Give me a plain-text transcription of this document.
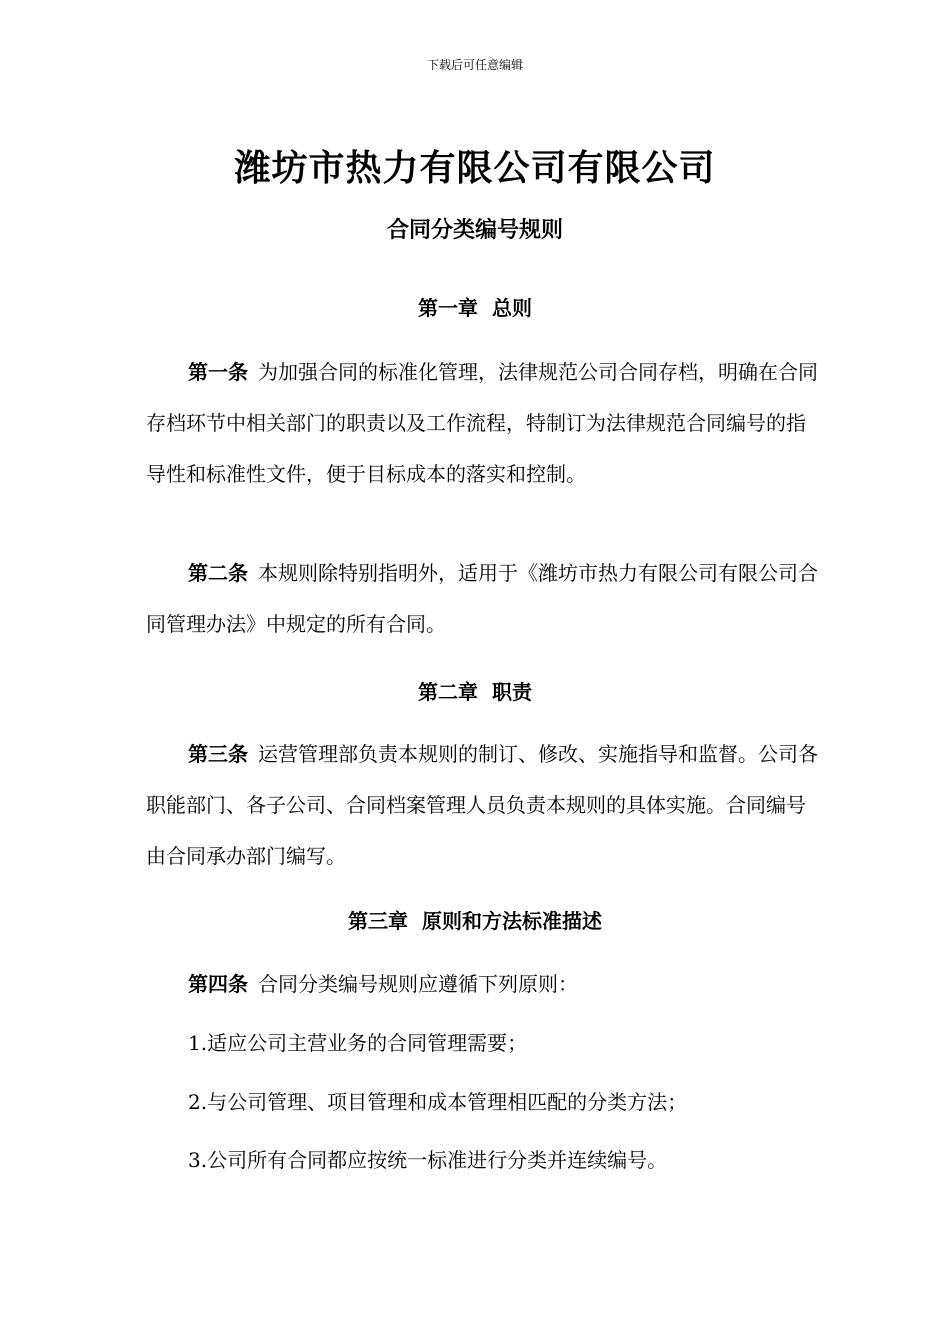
下载后可任意编辑
潍坊市热力有限公司有限公司
合同分类编号规则
第一章  总则
第一条 为加强合同的标准化管理，法律规范公司合同存档，明确在合同存档环节中相关部门的职责以及工作流程，特制订为法律规范合同编号的指导性和标准性文件，便于目标成本的落实和控制。
第二条 本规则除特别指明外，适用于《潍坊市热力有限公司有限公司合同管理办法》中规定的所有合同。
第二章  职责
第三条 运营管理部负责本规则的制订、修改、实施指导和监督。公司各职能部门、各子公司、合同档案管理人员负责本规则的具体实施。合同编号由合同承办部门编写。
第三章  原则和方法标准描述
第四条 合同分类编号规则应遵循下列原则：
1.适应公司主营业务的合同管理需要；
2.与公司管理、项目管理和成本管理相匹配的分类方法；
3.公司所有合同都应按统一标准进行分类并连续编号。
